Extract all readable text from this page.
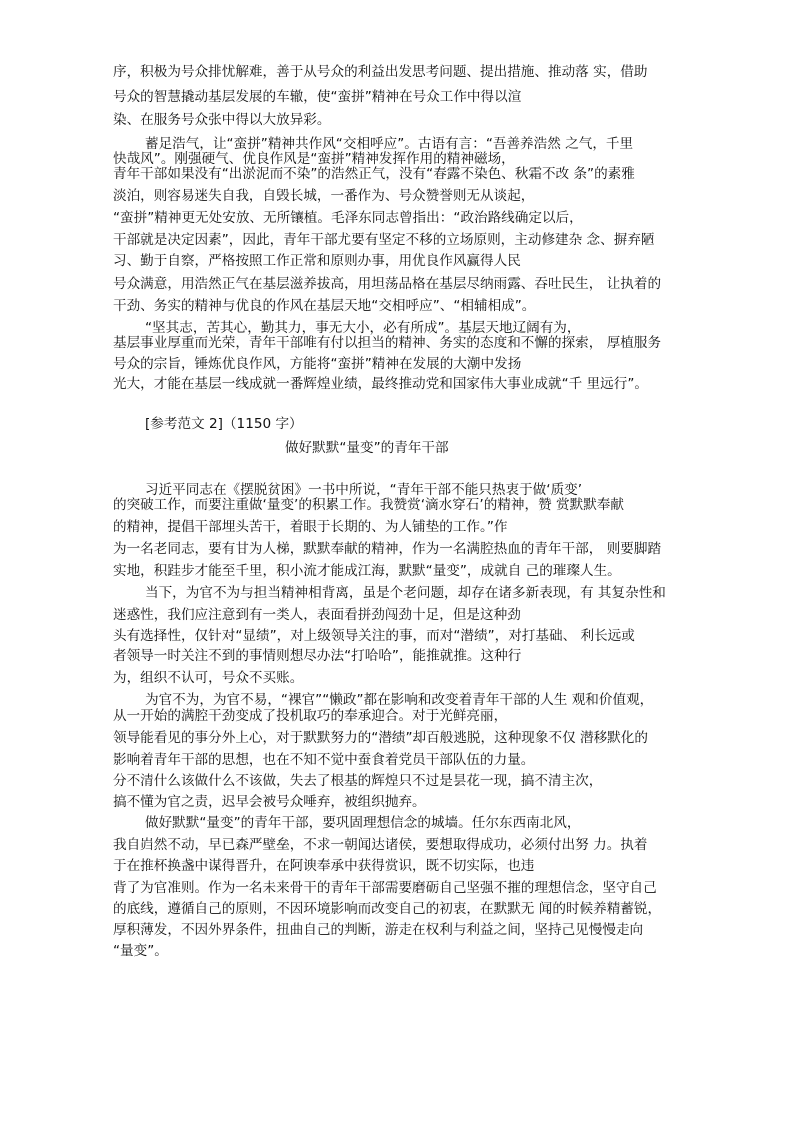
序，积极为号众排忧解难，善于从号众的利益出发思考问题、提出措施、推动落 实，借助
号众的智慧撬动基层发展的车辙，使“蛮拼”精神在号众工作中得以渲
染、在服务号众张中得以大放异彩。
蓄足浩气，让“蛮拼”精神共作风“交相呼应”。古语有言：“吾善养浩然 之气，千里
快哉风”。刚强硬气、优良作风是“蛮拼”精神发挥作用的精神磁场，
青年干部如果没有“出淤泥而不染”的浩然正气，没有“春露不染色、秋霜不改 条”的素雅
淡泊，则容易迷失自我，自毁长城，一番作为、号众赞誉则无从谈起，
“蛮拼”精神更无处安放、无所镶植。毛泽东同志曾指出：“政治路线确定以后，
干部就是决定因素”，因此，青年干部尤要有坚定不移的立场原则，主动修建杂 念、摒弃陋
习、勤于自察，严格按照工作正常和原则办事，用优良作风赢得人民
号众满意，用浩然正气在基层滋养拔高，用坦荡品格在基层尽纳雨露、吞吐民生， 让执着的
干劲、务实的精神与优良的作风在基层天地“交相呼应”、“相辅相成”。
“坚其志，苦其心，勤其力，事无大小，必有所成”。基层天地辽阔有为，
基层事业厚重而光荣，青年干部唯有付以担当的精神、务实的态度和不懈的探索， 厚植服务
号众的宗旨，锤炼优良作风，方能将“蛮拼”精神在发展的大潮中发扬
光大，才能在基层一线成就一番辉煌业绩，最终推动党和国家伟大事业成就“千 里远行”。
[参考范文 2]（1150 字）
做好默默“量变”的青年干部
习近平同志在《摆脱贫困》一书中所说，“青年干部不能只热衷于做‘质变’
的突破工作，而要注重做‘量变’的积累工作。我赞赏‘滴水穿石’的精神，赞 赏默默奉献
的精神，提倡干部埋头苦干，着眼于长期的、为人铺垫的工作。”作
为一名老同志，要有甘为人梯，默默奉献的精神，作为一名满腔热血的青年干部， 则要脚踏
实地，积跬步才能至千里，积小流才能成江海，默默“量变”，成就自 己的璀璨人生。
当下，为官不为与担当精神相背离，虽是个老问题，却存在诸多新表现，有 其复杂性和
迷惑性，我们应注意到有一类人，表面看拼劲闯劲十足，但是这种劲
头有选择性，仅针对“显绩”，对上级领导关注的事，而对“潜绩”，对打基础、 利长远或
者领导一时关注不到的事情则想尽办法“打哈哈”，能推就推。这种行
为，组织不认可，号众不买账。
为官不为，为官不易，“裸官”“懒政”都在影响和改变着青年干部的人生 观和价值观，
从一开始的满腔干劲变成了投机取巧的奉承迎合。对于光鲜亮丽，
领导能看见的事分外上心，对于默默努力的“潜绩”却百般逃脱，这种现象不仅 潜移默化的
影响着青年干部的思想，也在不知不觉中蚕食着党员干部队伍的力量。
分不清什么该做什么不该做，失去了根基的辉煌只不过是昙花一现，搞不清主次，
搞不懂为官之责，迟早会被号众唾弃，被组织抛弃。
做好默默“量变”的青年干部，要巩固理想信念的城墙。任尔东西南北风，
我自岿然不动，早已森严壁垒，不求一朝闻达诸侯，要想取得成功，必须付出努 力。执着
于在推杯换盏中谋得晋升，在阿谀奉承中获得赏识，既不切实际，也违
背了为官准则。作为一名未来骨干的青年干部需要磨砺自己坚强不摧的理想信念，坚守自己
的底线，遵循自己的原则，不因环境影响而改变自己的初衷，在默默无 闻的时候养精蓄锐，
厚积薄发，不因外界条件，扭曲自己的判断，游走在权利与利益之间，坚持己见慢慢走向
“量变”。
